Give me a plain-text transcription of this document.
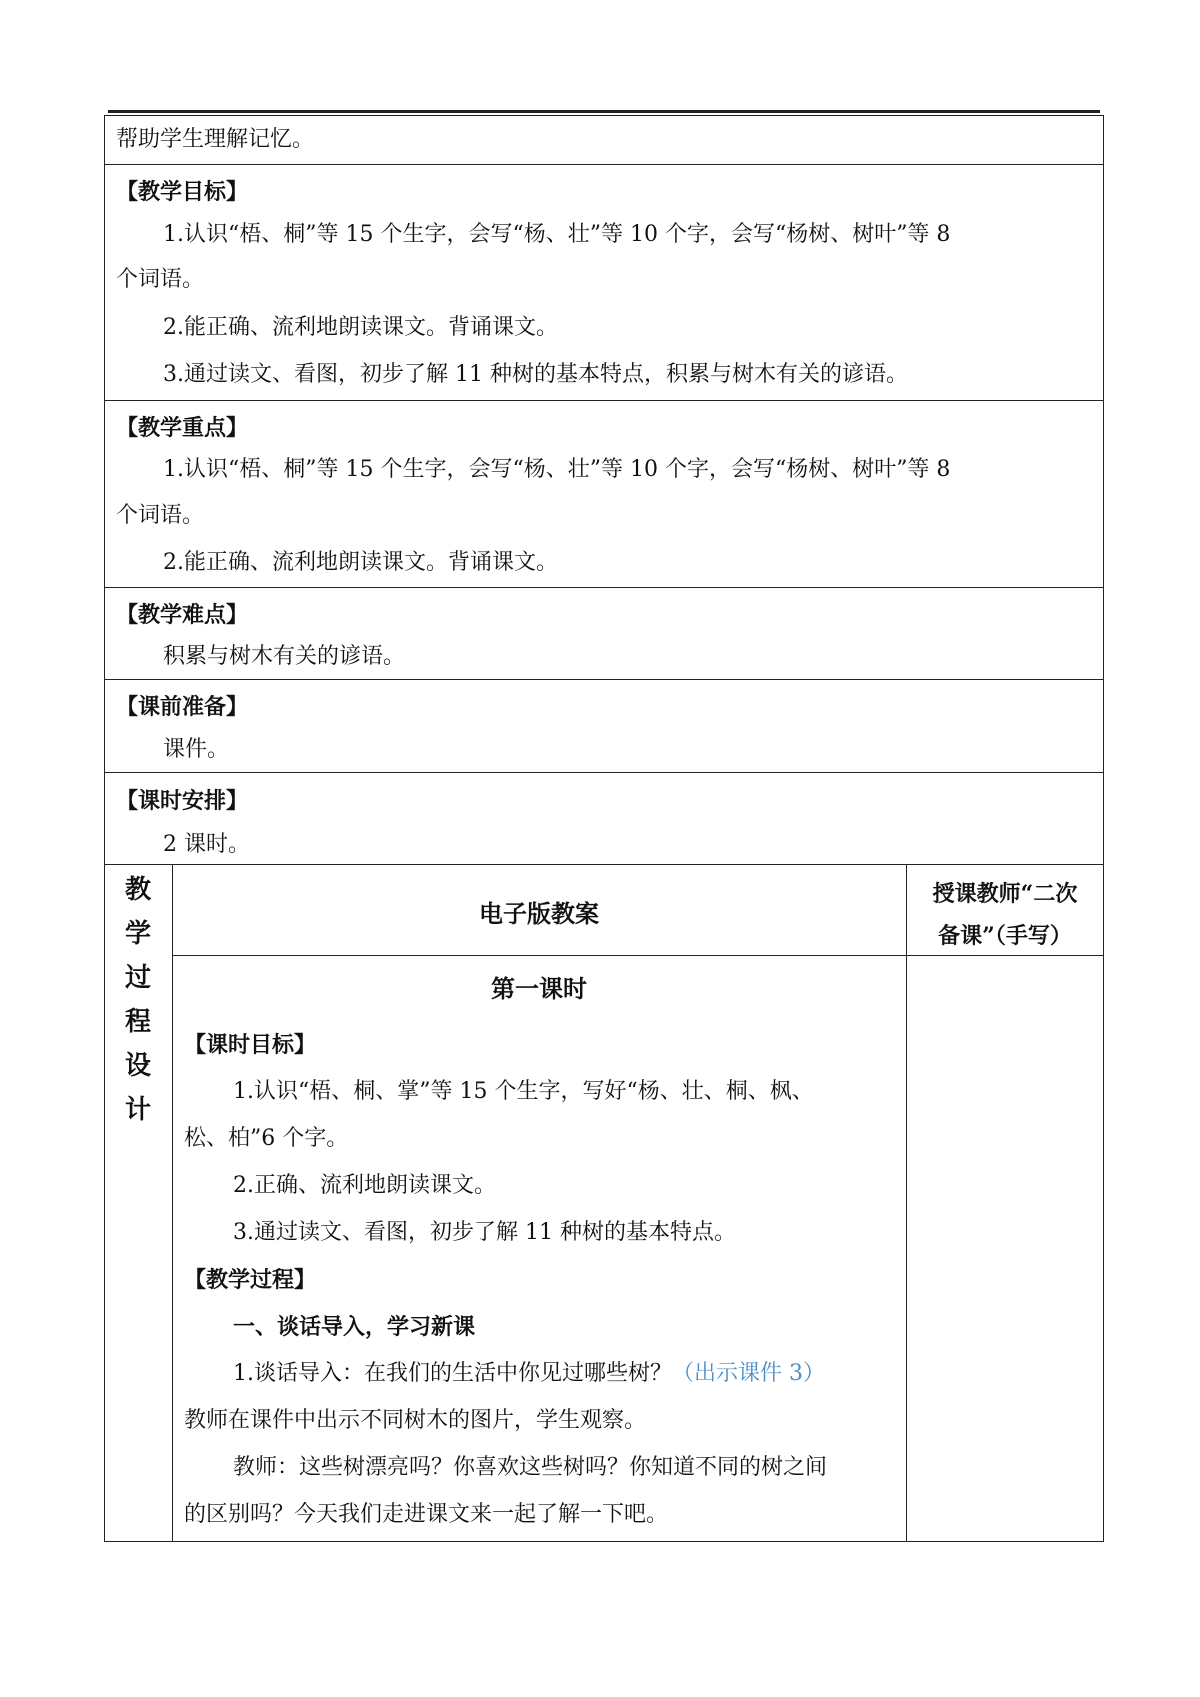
帮助学生理解记忆。
【教学目标】
1.认识“梧、桐”等 15 个生字，会写“杨、壮”等 10 个字，会写“杨树、树叶”等 8
个词语。
2.能正确、流利地朗读课文。背诵课文。
3.通过读文、看图，初步了解 11 种树的基本特点，积累与树木有关的谚语。
【教学重点】
1.认识“梧、桐”等 15 个生字，会写“杨、壮”等 10 个字，会写“杨树、树叶”等 8
个词语。
2.能正确、流利地朗读课文。背诵课文。
【教学难点】
积累与树木有关的谚语。
【课前准备】
课件。
【课时安排】
2 课时。
教
学
过
程
设
计
电子版教案
授课教师“二次
备课”（手写）
第一课时
【课时目标】
1.认识“梧、桐、掌”等 15 个生字，写好“杨、壮、桐、枫、
松、柏”6 个字。
2.正确、流利地朗读课文。
3.通过读文、看图，初步了解 11 种树的基本特点。
【教学过程】
一、谈话导入，学习新课
1.谈话导入：在我们的生活中你见过哪些树？（出示课件 3）
教师在课件中出示不同树木的图片，学生观察。
教师：这些树漂亮吗？你喜欢这些树吗？你知道不同的树之间
的区别吗？今天我们走进课文来一起了解一下吧。
